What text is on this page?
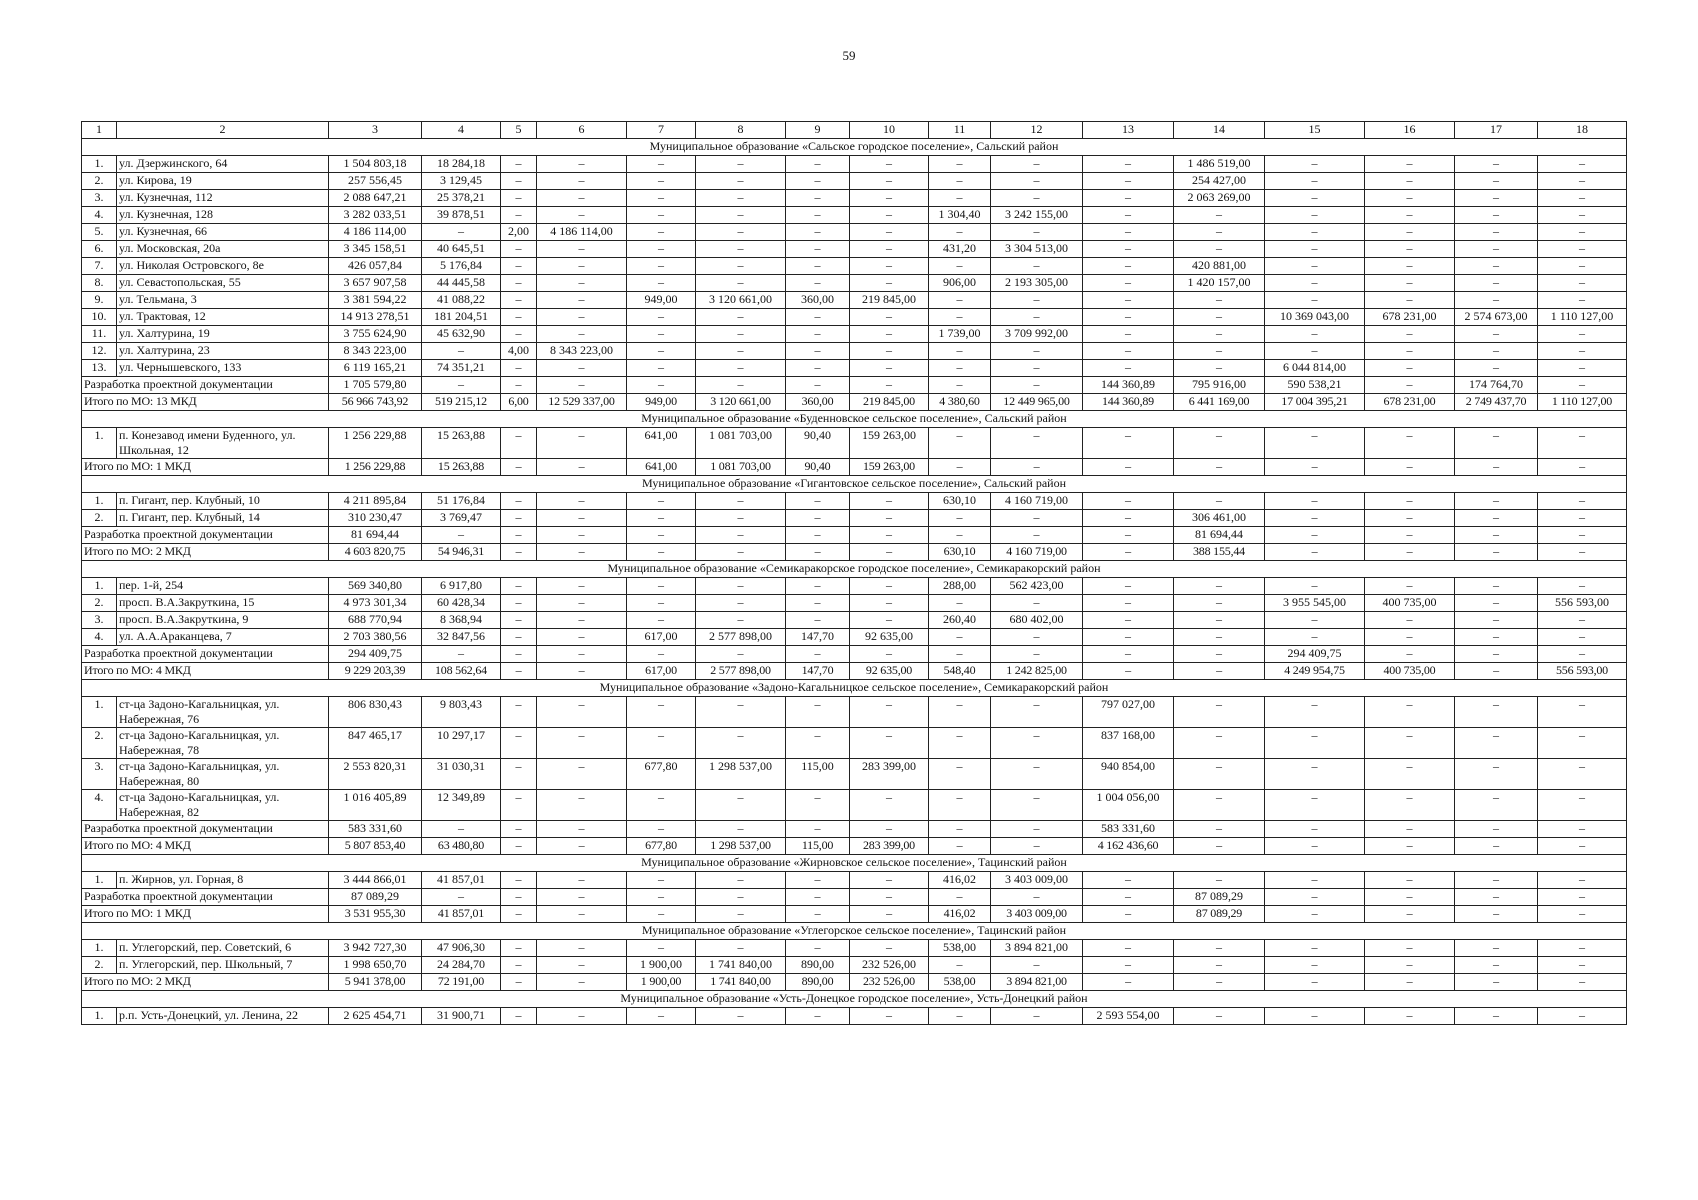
59
1	2	3	4	5	6	7	8	9	10	11	12	13	14	15	16	17	18
Муниципальное образование «Сальское городское поселение», Сальский район																	
1.	ул. Дзержинского, 64	1 504 803,18	18 284,18	–	–	–	–	–	–	–	–	–	1 486 519,00	–	–	–	–
2.	ул. Кирова, 19	257 556,45	3 129,45	–	–	–	–	–	–	–	–	–	254 427,00	–	–	–	–
3.	ул. Кузнечная, 112	2 088 647,21	25 378,21	–	–	–	–	–	–	–	–	–	2 063 269,00	–	–	–	–
4.	ул. Кузнечная, 128	3 282 033,51	39 878,51	–	–	–	–	–	–	1 304,40	3 242 155,00	–	–	–	–	–	–
5.	ул. Кузнечная, 66	4 186 114,00	–	2,00	4 186 114,00	–	–	–	–	–	–	–	–	–	–	–	–
6.	ул. Московская, 20а	3 345 158,51	40 645,51	–	–	–	–	–	–	431,20	3 304 513,00	–	–	–	–	–	–
7.	ул. Николая Островского, 8е	426 057,84	5 176,84	–	–	–	–	–	–	–	–	–	420 881,00	–	–	–	–
8.	ул. Севастопольская, 55	3 657 907,58	44 445,58	–	–	–	–	–	–	906,00	2 193 305,00	–	1 420 157,00	–	–	–	–
9.	ул. Тельмана, 3	3 381 594,22	41 088,22	–	–	949,00	3 120 661,00	360,00	219 845,00	–	–	–	–	–	–	–	–
10.	ул. Трактовая, 12	14 913 278,51	181 204,51	–	–	–	–	–	–	–	–	–	–	10 369 043,00	678 231,00	2 574 673,00	1 110 127,00
11.	ул. Халтурина, 19	3 755 624,90	45 632,90	–	–	–	–	–	–	1 739,00	3 709 992,00	–	–	–	–	–	–
12.	ул. Халтурина, 23	8 343 223,00	–	4,00	8 343 223,00	–	–	–	–	–	–	–	–	–	–	–	–
13.	ул. Чернышевского, 133	6 119 165,21	74 351,21	–	–	–	–	–	–	–	–	–	–	6 044 814,00	–	–	–
Разработка проектной документации		1 705 579,80	–	–	–	–	–	–	–	–	–	144 360,89	795 916,00	590 538,21	–	174 764,70	–
Итого по МО: 13 МКД		56 966 743,92	519 215,12	6,00	12 529 337,00	949,00	3 120 661,00	360,00	219 845,00	4 380,60	12 449 965,00	144 360,89	6 441 169,00	17 004 395,21	678 231,00	2 749 437,70	1 110 127,00
Муниципальное образование «Буденновское сельское поселение», Сальский район																	
1.	п. Конезавод имени Буденного, ул. Школьная, 12	1 256 229,88	15 263,88	–	–	641,00	1 081 703,00	90,40	159 263,00	–	–	–	–	–	–	–	–
Итого по МО: 1 МКД		1 256 229,88	15 263,88	–	–	641,00	1 081 703,00	90,40	159 263,00	–	–	–	–	–	–	–	–
Муниципальное образование «Гигантовское сельское поселение», Сальский район																	
1.	п. Гигант, пер. Клубный, 10	4 211 895,84	51 176,84	–	–	–	–	–	–	630,10	4 160 719,00	–	–	–	–	–	–
2.	п. Гигант, пер. Клубный, 14	310 230,47	3 769,47	–	–	–	–	–	–	–	–	–	306 461,00	–	–	–	–
Разработка проектной документации		81 694,44	–	–	–	–	–	–	–	–	–	–	81 694,44	–	–	–	–
Итого по МО: 2 МКД		4 603 820,75	54 946,31	–	–	–	–	–	–	630,10	4 160 719,00	–	388 155,44	–	–	–	–
Муниципальное образование «Семикаракорское городское поселение», Семикаракорский район																	
1.	пер. 1-й, 254	569 340,80	6 917,80	–	–	–	–	–	–	288,00	562 423,00	–	–	–	–	–	–
2.	просп. В.А.Закруткина, 15	4 973 301,34	60 428,34	–	–	–	–	–	–	–	–	–	–	3 955 545,00	400 735,00	–	556 593,00
3.	просп. В.А.Закруткина, 9	688 770,94	8 368,94	–	–	–	–	–	–	260,40	680 402,00	–	–	–	–	–	–
4.	ул. А.А.Араканцева, 7	2 703 380,56	32 847,56	–	–	617,00	2 577 898,00	147,70	92 635,00	–	–	–	–	–	–	–	–
Разработка проектной документации		294 409,75	–	–	–	–	–	–	–	–	–	–	–	294 409,75	–	–	–
Итого по МО: 4 МКД		9 229 203,39	108 562,64	–	–	617,00	2 577 898,00	147,70	92 635,00	548,40	1 242 825,00	–	–	4 249 954,75	400 735,00	–	556 593,00
Муниципальное образование «Задоно-Кагальницкое сельское поселение», Семикаракорский район																	
1.	ст-ца Задоно-Кагальницкая, ул. Набережная, 76	806 830,43	9 803,43	–	–	–	–	–	–	–	–	797 027,00	–	–	–	–	–
2.	ст-ца Задоно-Кагальницкая, ул. Набережная, 78	847 465,17	10 297,17	–	–	–	–	–	–	–	–	837 168,00	–	–	–	–	–
3.	ст-ца Задоно-Кагальницкая, ул. Набережная, 80	2 553 820,31	31 030,31	–	–	677,80	1 298 537,00	115,00	283 399,00	–	–	940 854,00	–	–	–	–	–
4.	ст-ца Задоно-Кагальницкая, ул. Набережная, 82	1 016 405,89	12 349,89	–	–	–	–	–	–	–	–	1 004 056,00	–	–	–	–	–
Разработка проектной документации		583 331,60	–	–	–	–	–	–	–	–	–	583 331,60	–	–	–	–	–
Итого по МО: 4 МКД		5 807 853,40	63 480,80	–	–	677,80	1 298 537,00	115,00	283 399,00	–	–	4 162 436,60	–	–	–	–	–
Муниципальное образование «Жирновское сельское поселение», Тацинский район																	
1.	п. Жирнов, ул. Горная, 8	3 444 866,01	41 857,01	–	–	–	–	–	–	416,02	3 403 009,00	–	–	–	–	–	–
Разработка проектной документации		87 089,29	–	–	–	–	–	–	–	–	–	–	87 089,29	–	–	–	–
Итого по МО: 1 МКД		3 531 955,30	41 857,01	–	–	–	–	–	–	416,02	3 403 009,00	–	87 089,29	–	–	–	–
Муниципальное образование «Углегорское сельское поселение», Тацинский район																	
1.	п. Углегорский, пер. Советский, 6	3 942 727,30	47 906,30	–	–	–	–	–	–	538,00	3 894 821,00	–	–	–	–	–	–
2.	п. Углегорский, пер. Школьный, 7	1 998 650,70	24 284,70	–	–	1 900,00	1 741 840,00	890,00	232 526,00	–	–	–	–	–	–	–	–
Итого по МО: 2 МКД		5 941 378,00	72 191,00	–	–	1 900,00	1 741 840,00	890,00	232 526,00	538,00	3 894 821,00	–	–	–	–	–	–
Муниципальное образование «Усть-Донецкое городское поселение», Усть-Донецкий район																	
1.	р.п. Усть-Донецкий, ул. Ленина, 22	2 625 454,71	31 900,71	–	–	–	–	–	–	–	–	2 593 554,00	–	–	–	–	–
